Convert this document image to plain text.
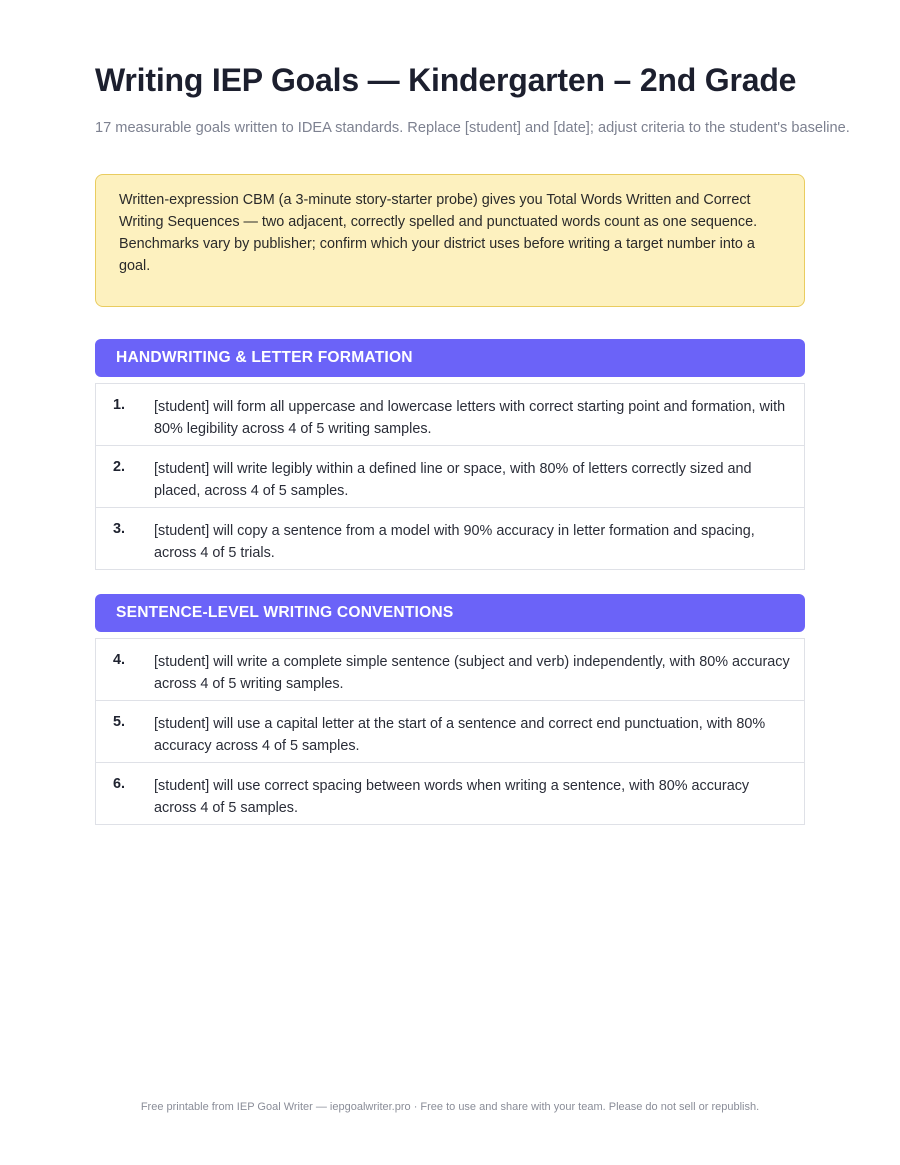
Writing IEP Goals — Kindergarten – 2nd Grade

17 measurable goals written to IDEA standards. Replace [student] and [date]; adjust criteria to the student's baseline.

Written-expression CBM (a 3-minute story-starter probe) gives you Total Words Written and Correct Writing Sequences — two adjacent, correctly spelled and punctuated words count as one sequence. Benchmarks vary by publisher; confirm which your district uses before writing a target number into a goal.

HANDWRITING & LETTER FORMATION
1. [student] will form all uppercase and lowercase letters with correct starting point and formation, with 80% legibility across 4 of 5 writing samples.
2. [student] will write legibly within a defined line or space, with 80% of letters correctly sized and placed, across 4 of 5 samples.
3. [student] will copy a sentence from a model with 90% accuracy in letter formation and spacing, across 4 of 5 trials.
SENTENCE-LEVEL WRITING CONVENTIONS
4. [student] will write a complete simple sentence (subject and verb) independently, with 80% accuracy across 4 of 5 writing samples.
5. [student] will use a capital letter at the start of a sentence and correct end punctuation, with 80% accuracy across 4 of 5 samples.
6. [student] will use correct spacing between words when writing a sentence, with 80% accuracy across 4 of 5 samples.
Free printable from IEP Goal Writer — iepgoalwriter.pro · Free to use and share with your team. Please do not sell or republish.
